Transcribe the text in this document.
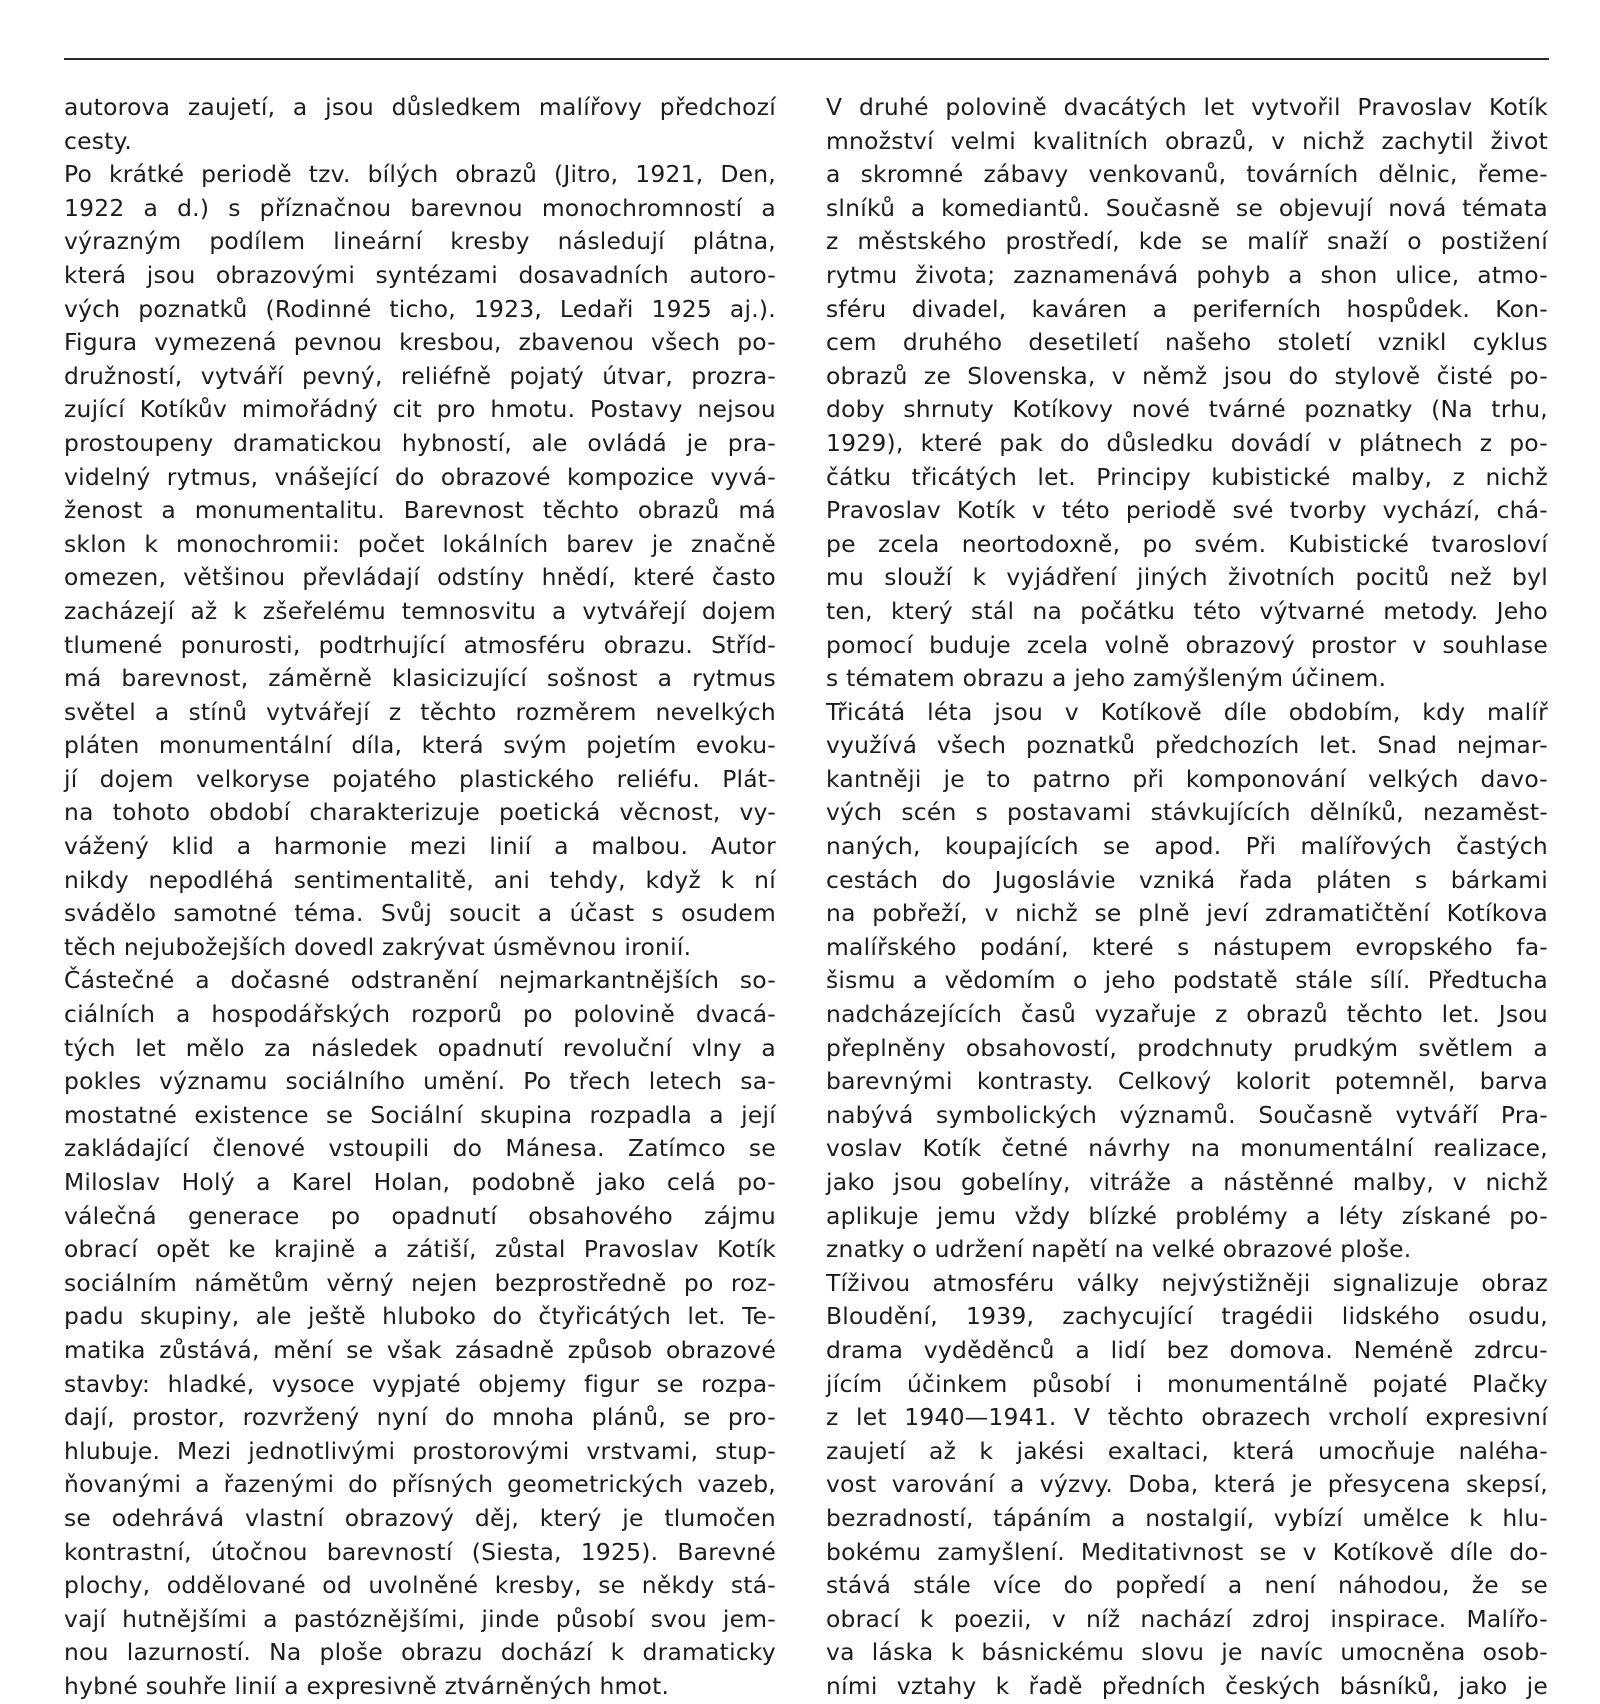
autorova zaujetí, a jsou důsledkem malířovy předchozí
cesty.
Po krátké periodě tzv. bílých obrazů (Jitro, 1921, Den,
1922 a d.) s příznačnou barevnou monochromností a
výrazným podílem lineární kresby následují plátna,
která jsou obrazovými syntézami dosavadních autoro-
vých poznatků (Rodinné ticho, 1923, Ledaři 1925 aj.).
Figura vymezená pevnou kresbou, zbavenou všech po-
družností, vytváří pevný, reliéfně pojatý útvar, prozra-
zující Kotíkův mimořádný cit pro hmotu. Postavy nejsou
prostoupeny dramatickou hybností, ale ovládá je pra-
videlný rytmus, vnášející do obrazové kompozice vyvá-
ženost a monumentalitu. Barevnost těchto obrazů má
sklon k monochromii: počet lokálních barev je značně
omezen, většinou převládají odstíny hnědí, které často
zacházejí až k zšeřelému temnosvitu a vytvářejí dojem
tlumené ponurosti, podtrhující atmosféru obrazu. Stříd-
má barevnost, záměrně klasicizující sošnost a rytmus
světel a stínů vytvářejí z těchto rozměrem nevelkých
pláten monumentální díla, která svým pojetím evoku-
jí dojem velkoryse pojatého plastického reliéfu. Plát-
na tohoto období charakterizuje poetická věcnost, vy-
vážený klid a harmonie mezi linií a malbou. Autor
nikdy nepodléhá sentimentalitě, ani tehdy, když k ní
svádělo samotné téma. Svůj soucit a účast s osudem
těch nejubožejších dovedl zakrývat úsměvnou ironií.
Částečné a dočasné odstranění nejmarkantnějších so-
ciálních a hospodářských rozporů po polovině dvacá-
tých let mělo za následek opadnutí revoluční vlny a
pokles významu sociálního umění. Po třech letech sa-
mostatné existence se Sociální skupina rozpadla a její
zakládající členové vstoupili do Mánesa. Zatímco se
Miloslav Holý a Karel Holan, podobně jako celá po-
válečná generace po opadnutí obsahového zájmu
obrací opět ke krajině a zátiší, zůstal Pravoslav Kotík
sociálním námětům věrný nejen bezprostředně po roz-
padu skupiny, ale ještě hluboko do čtyřicátých let. Te-
matika zůstává, mění se však zásadně způsob obrazové
stavby: hladké, vysoce vypjaté objemy figur se rozpa-
dají, prostor, rozvržený nyní do mnoha plánů, se pro-
hlubuje. Mezi jednotlivými prostorovými vrstvami, stup-
ňovanými a řazenými do přísných geometrických vazeb,
se odehrává vlastní obrazový děj, který je tlumočen
kontrastní, útočnou barevností (Siesta, 1925). Barevné
plochy, oddělované od uvolněné kresby, se někdy stá-
vají hutnějšími a pastóznějšími, jinde působí svou jem-
nou lazurností. Na ploše obrazu dochází k dramaticky
hybné souhře linií a expresivně ztvárněných hmot.
V druhé polovině dvacátých let vytvořil Pravoslav Kotík
množství velmi kvalitních obrazů, v nichž zachytil život
a skromné zábavy venkovanů, továrních dělnic, řeme-
slníků a komediantů. Současně se objevují nová témata
z městského prostředí, kde se malíř snaží o postižení
rytmu života; zaznamenává pohyb a shon ulice, atmo-
sféru divadel, kaváren a periferních hospůdek. Kon-
cem druhého desetiletí našeho století vznikl cyklus
obrazů ze Slovenska, v němž jsou do stylově čisté po-
doby shrnuty Kotíkovy nové tvárné poznatky (Na trhu,
1929), které pak do důsledku dovádí v plátnech z po-
čátku třicátých let. Principy kubistické malby, z nichž
Pravoslav Kotík v této periodě své tvorby vychází, chá-
pe zcela neortodoxně, po svém. Kubistické tvarosloví
mu slouží k vyjádření jiných životních pocitů než byl
ten, který stál na počátku této výtvarné metody. Jeho
pomocí buduje zcela volně obrazový prostor v souhlase
s tématem obrazu a jeho zamýšleným účinem.
Třicátá léta jsou v Kotíkově díle obdobím, kdy malíř
využívá všech poznatků předchozích let. Snad nejmar-
kantněji je to patrno při komponování velkých davo-
vých scén s postavami stávkujících dělníků, nezaměst-
naných, koupajících se apod. Při malířových častých
cestách do Jugoslávie vzniká řada pláten s bárkami
na pobřeží, v nichž se plně jeví zdramatičtění Kotíkova
malířského podání, které s nástupem evropského fa-
šismu a vědomím o jeho podstatě stále sílí. Předtucha
nadcházejících časů vyzařuje z obrazů těchto let. Jsou
přeplněny obsahovostí, prodchnuty prudkým světlem a
barevnými kontrasty. Celkový kolorit potemněl, barva
nabývá symbolických významů. Současně vytváří Pra-
voslav Kotík četné návrhy na monumentální realizace,
jako jsou gobelíny, vitráže a nástěnné malby, v nichž
aplikuje jemu vždy blízké problémy a léty získané po-
znatky o udržení napětí na velké obrazové ploše.
Tíživou atmosféru války nejvýstižněji signalizuje obraz
Bloudění, 1939, zachycující tragédii lidského osudu,
drama vyděděnců a lidí bez domova. Neméně zdrcu-
jícím účinkem působí i monumentálně pojaté Plačky
z let 1940—1941. V těchto obrazech vrcholí expresivní
zaujetí až k jakési exaltaci, která umocňuje naléha-
vost varování a výzvy. Doba, která je přesycena skepsí,
bezradností, tápáním a nostalgií, vybízí umělce k hlu-
bokému zamyšlení. Meditativnost se v Kotíkově díle do-
stává stále více do popředí a není náhodou, že se
obrací k poezii, v níž nachází zdroj inspirace. Malířo-
va láska k básnickému slovu je navíc umocněna osob-
ními vztahy k řadě předních českých básníků, jako je
